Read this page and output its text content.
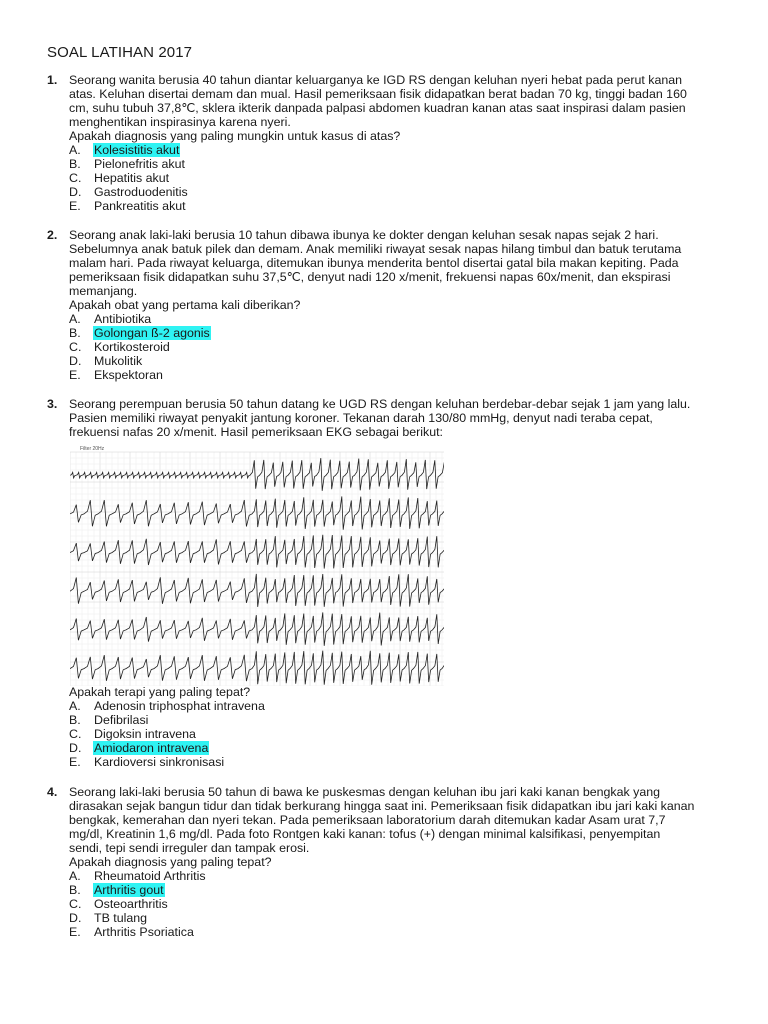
SOAL LATIHAN 2017
1. Seorang wanita berusia 40 tahun diantar keluarganya ke IGD RS dengan keluhan nyeri hebat pada perut kanan
atas. Keluhan disertai demam dan mual. Hasil pemeriksaan fisik didapatkan berat badan 70 kg, tinggi badan 160
cm, suhu tubuh 37,8℃, sklera ikterik danpada palpasi abdomen kuadran kanan atas saat inspirasi dalam pasien
menghentikan inspirasinya karena nyeri.
Apakah diagnosis yang paling mungkin untuk kasus di atas?
A.	Kolesistitis akut
B.	Pielonefritis akut
C.	Hepatitis akut
D.	Gastroduodenitis
E.	Pankreatitis akut
2. Seorang anak laki-laki berusia 10 tahun dibawa ibunya ke dokter dengan keluhan sesak napas sejak 2 hari.
Sebelumnya anak batuk pilek dan demam. Anak memiliki riwayat sesak napas hilang timbul dan batuk terutama
malam hari. Pada riwayat keluarga, ditemukan ibunya menderita bentol disertai gatal bila makan kepiting. Pada
pemeriksaan fisik didapatkan suhu 37,5℃, denyut nadi 120 x/menit, frekuensi napas 60x/menit, dan ekspirasi
memanjang.
Apakah obat yang pertama kali diberikan?
A.	Antibiotika
B.	Golongan ß-2 agonis
C.	Kortikosteroid
D.	Mukolitik
E.	Ekspektoran
3. Seorang perempuan berusia 50 tahun datang ke UGD RS dengan keluhan berdebar-debar sejak 1 jam yang lalu.
Pasien memiliki riwayat penyakit jantung koroner. Tekanan darah 130/80 mmHg, denyut nadi teraba cepat,
frekuensi nafas 20 x/menit. Hasil pemeriksaan EKG sebagai berikut:
Filter 20Hz
Apakah terapi yang paling tepat?
A.	Adenosin triphosphat intravena
B.	Defibrilasi
C.	Digoksin intravena
D.	Amiodaron intravena
E.	Kardioversi sinkronisasi
4. Seorang laki-laki berusia 50 tahun di bawa ke puskesmas dengan keluhan ibu jari kaki kanan bengkak yang
dirasakan sejak bangun tidur dan tidak berkurang hingga saat ini. Pemeriksaan fisik didapatkan ibu jari kaki kanan
bengkak, kemerahan dan nyeri tekan. Pada pemeriksaan laboratorium darah ditemukan kadar Asam urat 7,7
mg/dl, Kreatinin 1,6 mg/dl. Pada foto Rontgen kaki kanan: tofus (+) dengan minimal kalsifikasi, penyempitan
sendi, tepi sendi irreguler dan tampak erosi.
Apakah diagnosis yang paling tepat?
A.	Rheumatoid Arthritis
B.	Arthritis gout
C.	Osteoarthritis
D.	TB tulang
E.	Arthritis Psoriatica
